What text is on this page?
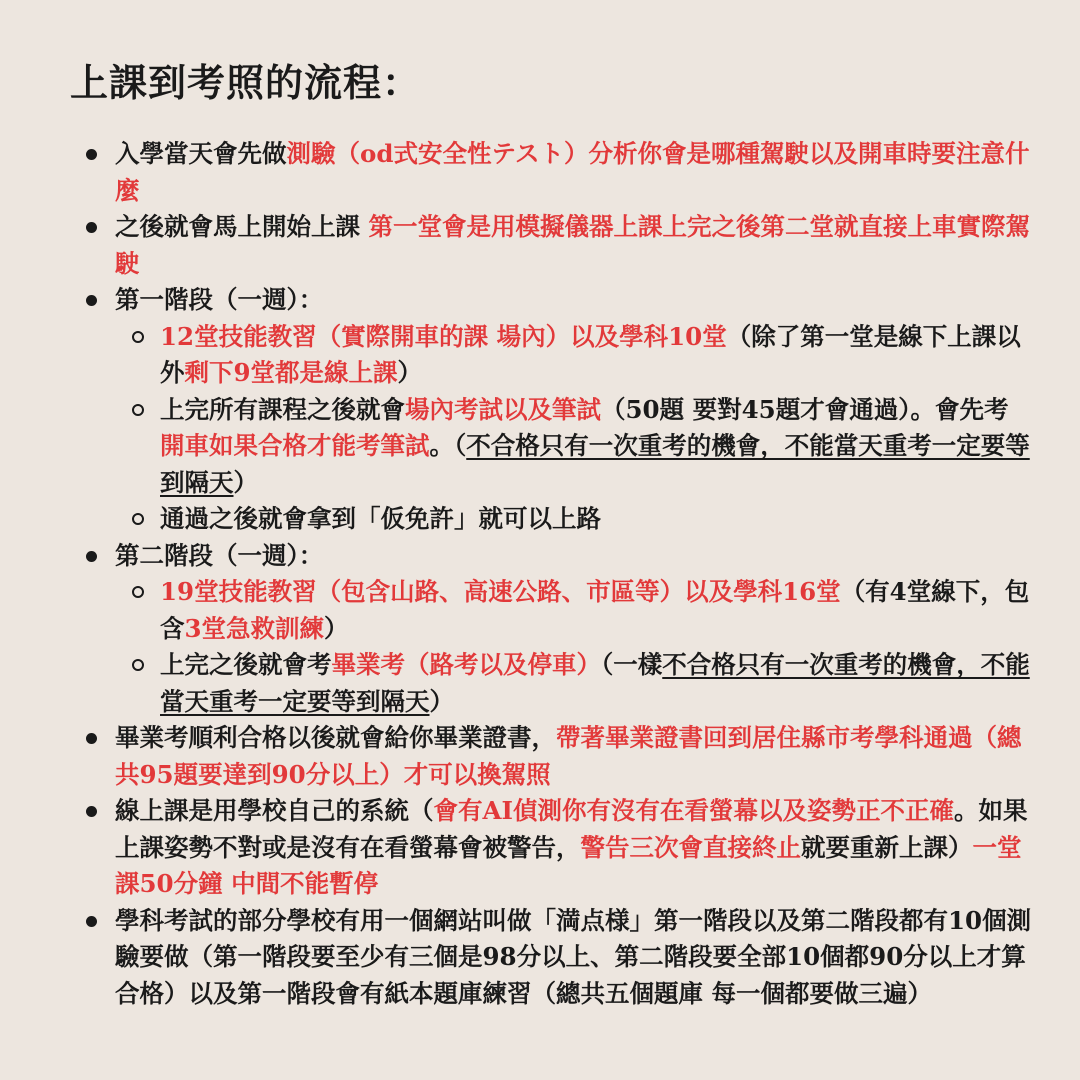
上課到考照的流程：
入學當天會先做測驗（od式安全性テスト）分析你會是哪種駕駛以及開車時要注意什麼
之後就會馬上開始上課 第一堂會是用模擬儀器上課上完之後第二堂就直接上車實際駕駛
第一階段（一週）：
12堂技能教習（實際開車的課 場內）以及學科10堂（除了第一堂是線下上課以外剩下9堂都是線上課）
上完所有課程之後就會場內考試以及筆試（50題 要對45題才會通過）。會先考開車如果合格才能考筆試。（不合格只有一次重考的機會，不能當天重考一定要等到隔天）
通過之後就會拿到「仮免許」就可以上路
第二階段（一週）：
19堂技能教習（包含山路、高速公路、市區等）以及學科16堂（有4堂線下，包含3堂急救訓練）
上完之後就會考畢業考（路考以及停車）（一樣不合格只有一次重考的機會，不能當天重考一定要等到隔天）
畢業考順利合格以後就會給你畢業證書，帶著畢業證書回到居住縣市考學科通過（總共95題要達到90分以上）才可以換駕照
線上課是用學校自己的系統（會有AI偵測你有沒有在看螢幕以及姿勢正不正確。如果上課姿勢不對或是沒有在看螢幕會被警告，警告三次會直接終止就要重新上課）一堂課50分鐘 中間不能暫停
學科考試的部分學校有用一個網站叫做「満点様」第一階段以及第二階段都有10個測驗要做（第一階段要至少有三個是98分以上、第二階段要全部10個都90分以上才算合格）以及第一階段會有紙本題庫練習（總共五個題庫 每一個都要做三遍）
